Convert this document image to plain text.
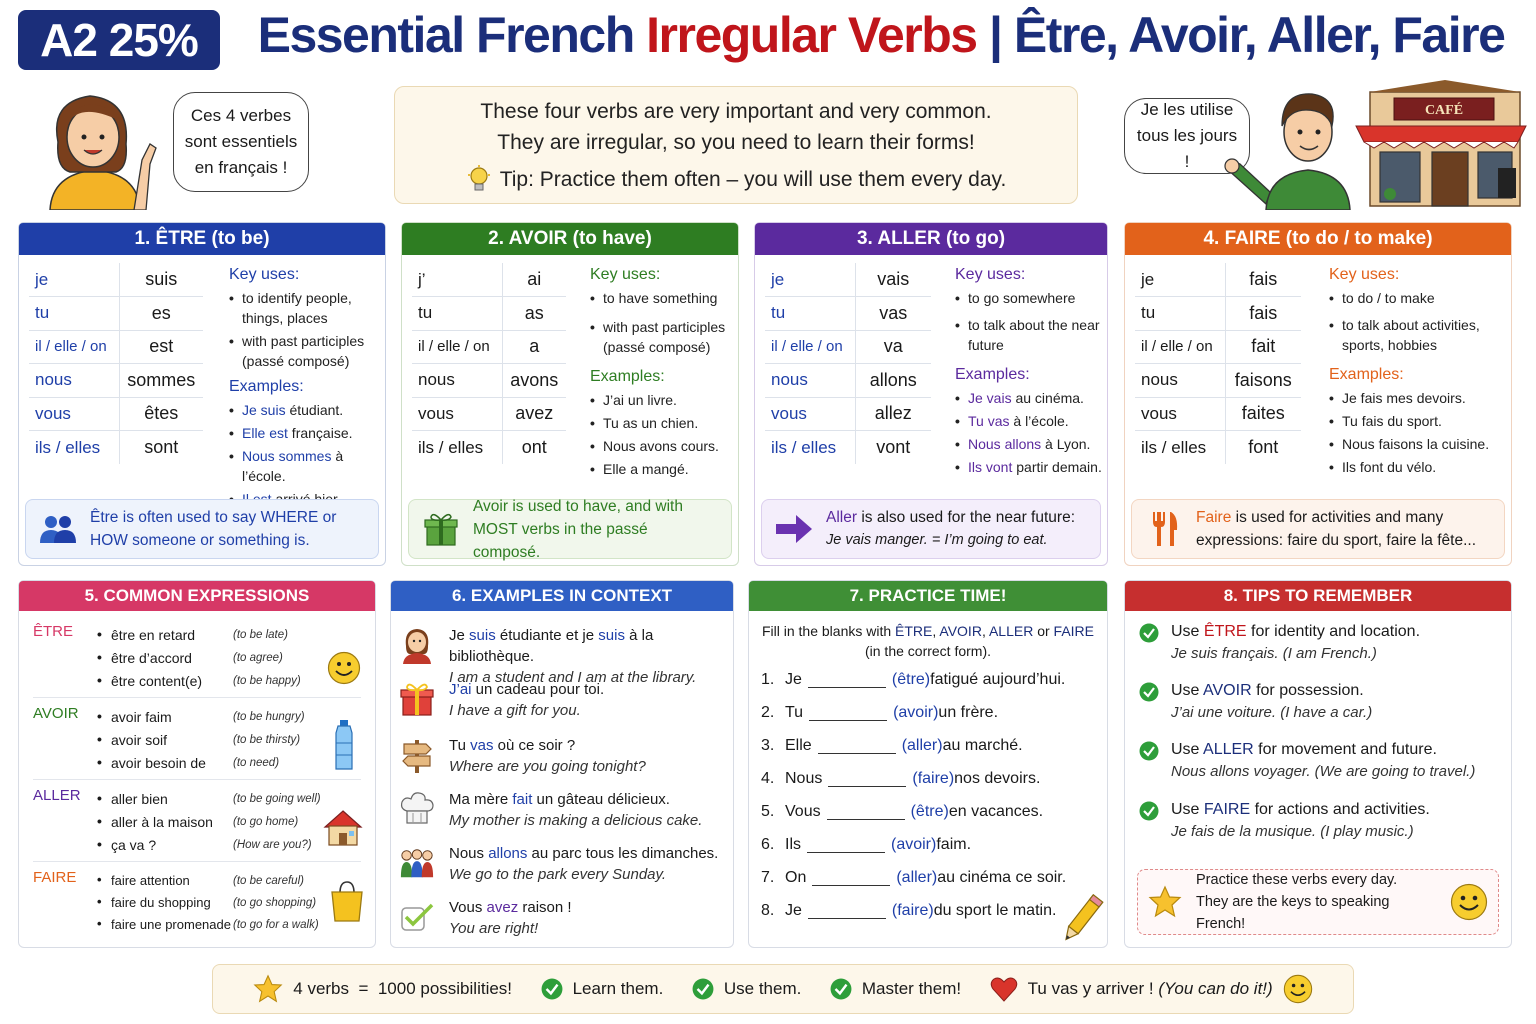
A2 25%	Essential French Irregular Verbs | Être, Avoir, Aller, Faire
Ces 4 verbes
sont essentiels
en français !
These four verbs are very important and very common.
They are irregular, so you need to learn their forms!
Tip: Practice them often – you will use them every day.
Je les utilise
tous les jours !
CAFÉ
1. ÊTRE (to be)
je	suis
tu	es
il / elle / on	est
nous	sommes
vous	êtes
ils / elles	sont
Key uses:
• to identify people, things, places
• with past participles (passé composé)
Examples:
• Je suis étudiant.
• Elle est française.
• Nous sommes à l’école.
•
Être is often used to say WHERE or HOW someone or something is.
2. AVOIR (to have)
j’	ai
tu	as
il / elle / on	a
nous	avons
vous	avez
ils / elles	ont
Key uses:
• to have something
• with past participles (passé composé)
Examples:
• J’ai un livre.
• Tu as un chien.
• Nous avons cours.
• Elle a mangé.
Avoir is used to have, and with MOST verbs in the passé composé.
3. ALLER (to go)
je	vais
tu	vas
il / elle / on	va
nous	allons
vous	allez
ils / elles	vont
Key uses:
• to go somewhere
• to talk about the near future
Examples:
• Je vais au cinéma.
• Tu vas à l’école.
• Nous allons à Lyon.
• Ils vont partir demain.
Aller is also used for the near future:
Je vais manger. = I’m going to eat.
4. FAIRE (to do / to make)
je	fais
tu	fais
il / elle / on	fait
nous	faisons
vous	faites
ils / elles	font
Key uses:
• to do / to make
• to talk about activities, sports, hobbies
Examples:
• Je fais mes devoirs.
• Tu fais du sport.
• Nous faisons la cuisine.
• Ils font du vélo.
Faire is used for activities and many expressions: faire du sport, faire la fête...
5. COMMON EXPRESSIONS
ÊTRE	• être en retard	(to be late)
• être d’accord	(to agree)
• être content(e)	(to be happy)
AVOIR	• avoir faim	(to be hungry)
• avoir soif	(to be thirsty)
• avoir besoin de	(to need)
ALLER	• aller bien	(to be going well)
• aller à la maison	(to go home)
• ça va ?	(How are you?)
FAIRE	• faire attention	(to be careful)
• faire du shopping	(to go shopping)
• faire une promenade (to go for a walk)
6. EXAMPLES IN CONTEXT
Je suis étudiante et je suis à la bibliothèque.
I am a student and I am at the library.
J’ai un cadeau pour toi.
I have a gift for you.
Tu vas où ce soir ?
Where are you going tonight?
Ma mère fait un gâteau délicieux.
My mother is making a delicious cake.
Nous allons au parc tous les dimanches.
We go to the park every Sunday.
Vous avez raison !
You are right!
7. PRACTICE TIME!
Fill in the blanks with ÊTRE, AVOIR, ALLER or FAIRE
(in the correct form).
1. Je	(être) fatigué aujourd’hui.
2. Tu	(avoir) un frère.
3. Elle	(aller) au marché.
4. Nous	(faire) nos devoirs.
5. Vous	(être) en vacances.
6. Ils	(avoir) faim.
7. On	(aller) au cinéma ce soir.
8. Je	(faire) du sport le matin.
8. TIPS TO REMEMBER
Use ÊTRE for identity and location.
Je suis français. (I am French.)
Use AVOIR for possession.
J’ai une voiture. (I have a car.)
Use ALLER for movement and future.
Nous allons voyager. (We are going to travel.)
Use FAIRE for actions and activities.
Je fais de la musique. (I play music.)
Practice these verbs every day.
They are the keys to speaking French!
4 verbs  =  1000 possibilities!	Learn them.	Use them.	Master them!	Tu vas y arriver ! (You can do it!)
